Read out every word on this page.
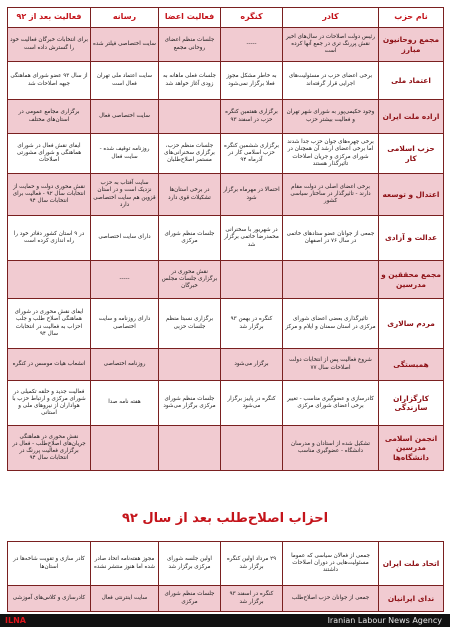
نام حزب	کادر	کنگره	فعالیت اعضا	رسانه	فعالیت بعد از ۹۲
مجمع روحانیون مبارز	رئیس دولت اصلاحات در سال‌های اخیر نقش پررنگ تری در جمع آنها کرده است	-----	جلسات منظم اعضای روحانی مجمع	سایت اختصاصی فیلتر شده	برای انتخابات خبرگان فعالیت خود را گسترش داده است
اعتماد ملی	برخی اعضای حزب در مسئولیت‌های اجرایی قرار گرفته‌اند	به خاطر مشکل مجوز فعلا برگزار نمی‌شود	جلسات فعلی ماهانه به زودی آغاز خواهد شد	سایت اعتماد ملی تهران فعال است	از سال ۹۳ عضو شورای هماهنگی جبهه اصلاحات شد
اراده ملت ایران	وجود حکیمی‌پور به شورای شهر تهران و فعالیت بیشتر حزب	برگزاری هفتمین کنگره حزب در اسفند ۹۳		سایت اختصاصی فعال	برگزاری مجامع عمومی در استان‌های مختلف
حزب اسلامی کار	برخی چهره‌های جوان حزب جدا شدند اما برخی اعضای ارشد آن همچنان در شورای مرکزی و جریان اصلاحات تاثیرگذار هستند	برگزاری ششمین کنگره حزب اسلامی کار در آذرماه ۹۴	جلسات منظم حزب، برگزاری سخنرانی‌های مستمر اصلاح‌طلبان	روزنامه توقیف شده - سایت فعال	ایفای نقش فعال در شورای هماهنگی و شورای مشورتی اصلاحات
اعتدال و توسعه	برخی اعضای اصلی در دولت مقام دارند - تاثیرگذار در ساختار سیاسی کشور	احتمالا در مهرماه برگزار شود	در برخی استان‌ها تشکیلات قوی دارد	سایت آفتاب به حزب نزدیک است و در استان قزوین هم سایت اختصاصی دارد	نقش محوری دولت و حمایت از انتخابات سال ۹۲ - فعالیت برای انتخابات سال ۹۴
عدالت و آزادی	جمعی از جوانان عضو ستادهای خاتمی در سال ۷۶ در اصفهان	در شهریور با سخنرانی محمدرضا خاتمی برگزار شد	جلسات منظم شورای مرکزی	دارای سایت اختصاصی	در ۹ استان کشور دفاتر خود را راه اندازی کرده است
مجمع محققین و مدرسین			نقش محوری در برگزاری جلسات مجلس خبرگان	-----	
مردم سالاری	تاثیرگذاری بعضی اعضای شورای مرکزی در استان سمنان و ایلام و مرکز	کنگره در بهمن ۹۳ برگزار شد	برگزاری نسبتا منظم جلسات حزبی	دارای روزنامه و سایت اختصاصی	ایفای نقش محوری در شورای هماهنگی اصلاح طلب و جلب احزاب به فعالیت در انتخابات سال ۹۴
همبستگی	شروع فعالیت پس از انتخابات دولت اصلاحات سال ۷۷	برگزار می‌شود		روزنامه اختصاصی	انشعاب هیات موسس در کنگره
کارگزاران سازندگی	کادرسازی و عضوگیری مناسب - تغییر برخی اعضای شورای مرکزی	کنگره در پاییز برگزار می‌شود	جلسات منظم شورای مرکزی برگزار می‌شود	هفته نامه صدا	فعالیت جدید و حلقه تکمیلی در شورای مرکزی و ارتباط حزب با هواداران از نیروهای ملی و استانی
انجمن اسلامی مدرسین دانشگاه‌ها	تشکیل شده از استادان و مدرسان دانشگاه - عضوگیری مناسب				نقش محوری در هماهنگی جریان‌های اصلاح‌طلب - فعال در برگزاری فعالیت پررنگ در انتخابات سال ۹۴
احزاب اصلاح‌طلب بعد از سال ۹۲
اتحاد ملت ایران	جمعی از فعالان سیاسی که عموما مسئولیت‌هایی در دوران اصلاحات داشتند	۲۹ مرداد اولین کنگره برگزار شد	اولین جلسه شورای مرکزی برگزار شد	مجوز هفته‌نامه اتحاد صادر شده اما هنوز منتشر نشده	کادر سازی و تقویت شاخه‌ها در استان‌ها
ندای ایرانیان	جمعی از جوانان حزب اصلاح‌طلب	کنگره در اسفند ۹۳ برگزار شد	جلسات منظم شورای مرکزی	سایت اینترنتی فعال	کادرسازی و کلاس‌های آموزشی
ILNA	Iranian Labour News Agency
